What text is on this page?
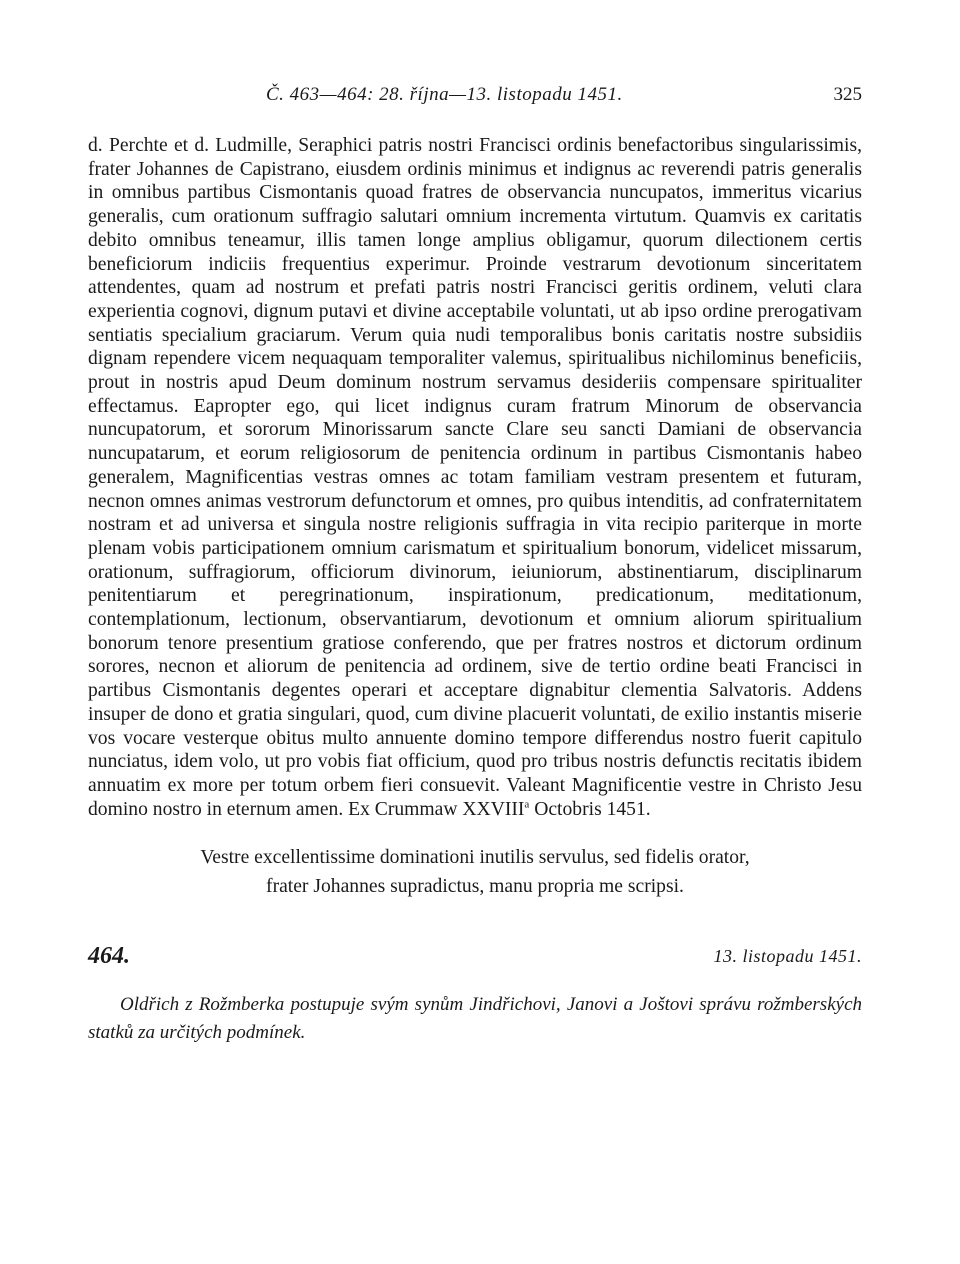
Č. 463—464: 28. října—13. listopadu 1451.	325

d. Perchte et d. Ludmille, Seraphici patris nostri Francisci ordinis benefactoribus singularissimis, frater Johannes de Capistrano, eiusdem ordinis minimus et indignus ac reverendi patris generalis in omnibus partibus Cismontanis quoad fratres de observancia nuncupatos, immeritus vicarius generalis, cum orationum suffragio salutari omnium incrementa virtutum. Quamvis ex caritatis debito omnibus teneamur, illis tamen longe amplius obligamur, quorum dilectionem certis beneficiorum indiciis frequentius experimur. Proinde vestrarum devotionum sinceritatem attendentes, quam ad nostrum et prefati patris nostri Francisci geritis ordinem, veluti clara experientia cognovi, dignum putavi et divine acceptabile voluntati, ut ab ipso ordine prerogativam sentiatis specialium graciarum. Verum quia nudi temporalibus bonis caritatis nostre subsidiis dignam rependere vicem nequaquam temporaliter valemus, spiritualibus nichilominus beneficiis, prout in nostris apud Deum dominum nostrum servamus desideriis compensare spiritualiter effectamus. Eapropter ego, qui licet indignus curam fratrum Minorum de observancia nuncupatorum, et sororum Minorissarum sancte Clare seu sancti Damiani de observancia nuncupatarum, et eorum religiosorum de penitencia ordinum in partibus Cismontanis habeo generalem, Magnificentias vestras omnes ac totam familiam vestram presentem et futuram, necnon omnes animas vestrorum defunctorum et omnes, pro quibus intenditis, ad confraternitatem nostram et ad universa et singula nostre religionis suffragia in vita recipio pariterque in morte plenam vobis participationem omnium carismatum et spiritualium bonorum, videlicet missarum, orationum, suffragiorum, officiorum divinorum, ieiuniorum, abstinentiarum, disciplinarum penitentiarum et peregrinationum, inspirationum, predicationum, meditationum, contemplationum, lectionum, observantiarum, devotionum et omnium aliorum spiritualium bonorum tenore presentium gratiose conferendo, que per fratres nostros et dictorum ordinum sorores, necnon et aliorum de penitencia ad ordinem, sive de tertio ordine beati Francisci in partibus Cismontanis degentes operari et acceptare dignabitur clementia Salvatoris. Addens insuper de dono et gratia singulari, quod, cum divine placuerit voluntati, de exilio instantis miserie vos vocare vesterque obitus multo annuente domino tempore differendus nostro fuerit capitulo nunciatus, idem volo, ut pro vobis fiat officium, quod pro tribus nostris defunctis recitatis ibidem annuatim ex more per totum orbem fieri consuevit. Valeant Magnificentie vestre in Christo Jesu domino nostro in eternum amen. Ex Crummaw XXVIII$^a$ Octobris 1451.

Vestre excellentissime dominationi inutilis servulus, sed fidelis orator,
frater Johannes supradictus, manu propria me scripsi.
464.	13. listopadu 1451.
Oldřich z Rožmberka postupuje svým synům Jindřichovi, Janovi a Joštovi správu rožmberských statků za určitých podmínek.
